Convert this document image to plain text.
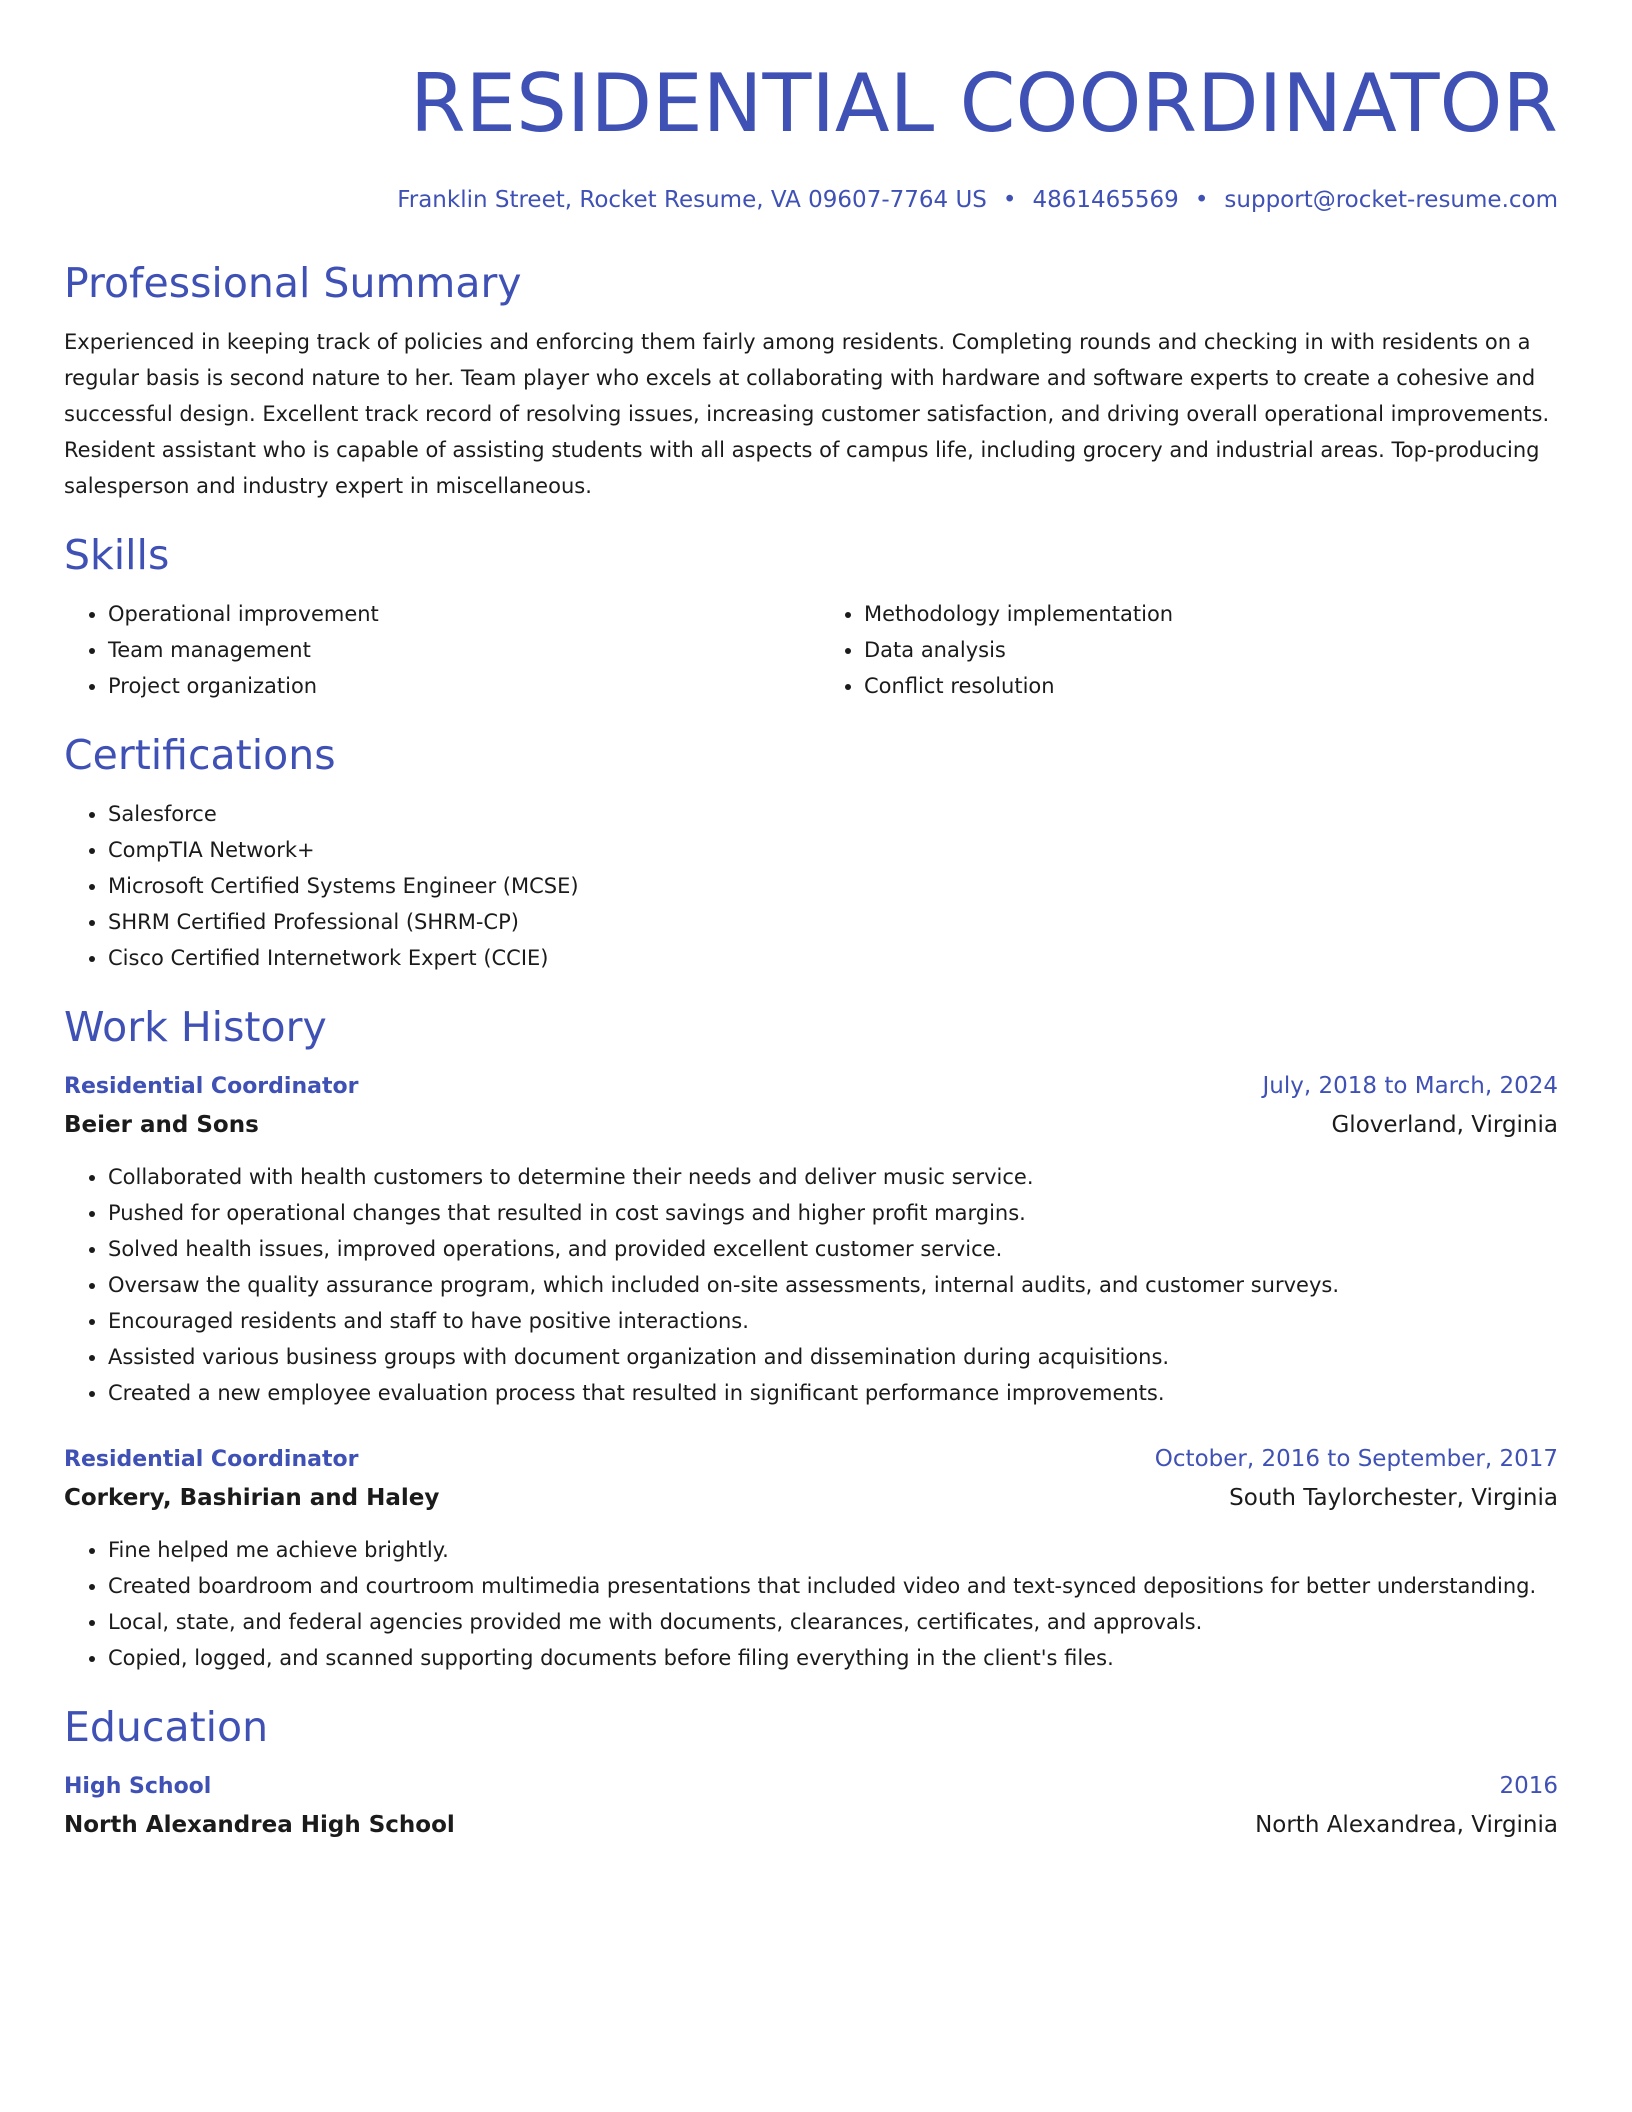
RESIDENTIAL COORDINATOR
Franklin Street, Rocket Resume, VA 09607-7764 US • 4861465569 • support@rocket-resume.com
Professional Summary
Experienced in keeping track of policies and enforcing them fairly among residents. Completing rounds and checking in with residents on a regular basis is second nature to her. Team player who excels at collaborating with hardware and software experts to create a cohesive and successful design. Excellent track record of resolving issues, increasing customer satisfaction, and driving overall operational improvements. Resident assistant who is capable of assisting students with all aspects of campus life, including grocery and industrial areas. Top-producing salesperson and industry expert in miscellaneous.
Skills
• Operational improvement
• Team management
• Project organization
• Methodology implementation
• Data analysis
• Conflict resolution
Certifications
• Salesforce
• CompTIA Network+
• Microsoft Certified Systems Engineer (MCSE)
• SHRM Certified Professional (SHRM-CP)
• Cisco Certified Internetwork Expert (CCIE)
Work History
Residential Coordinator	July, 2018 to March, 2024
Beier and Sons	Gloverland, Virginia
• Collaborated with health customers to determine their needs and deliver music service.
• Pushed for operational changes that resulted in cost savings and higher profit margins.
• Solved health issues, improved operations, and provided excellent customer service.
• Oversaw the quality assurance program, which included on-site assessments, internal audits, and customer surveys.
• Encouraged residents and staff to have positive interactions.
• Assisted various business groups with document organization and dissemination during acquisitions.
• Created a new employee evaluation process that resulted in significant performance improvements.
Residential Coordinator	October, 2016 to September, 2017
Corkery, Bashirian and Haley	South Taylorchester, Virginia
• Fine helped me achieve brightly.
• Created boardroom and courtroom multimedia presentations that included video and text-synced depositions for better understanding.
• Local, state, and federal agencies provided me with documents, clearances, certificates, and approvals.
• Copied, logged, and scanned supporting documents before filing everything in the client's files.
Education
High School	2016
North Alexandrea High School	North Alexandrea, Virginia
